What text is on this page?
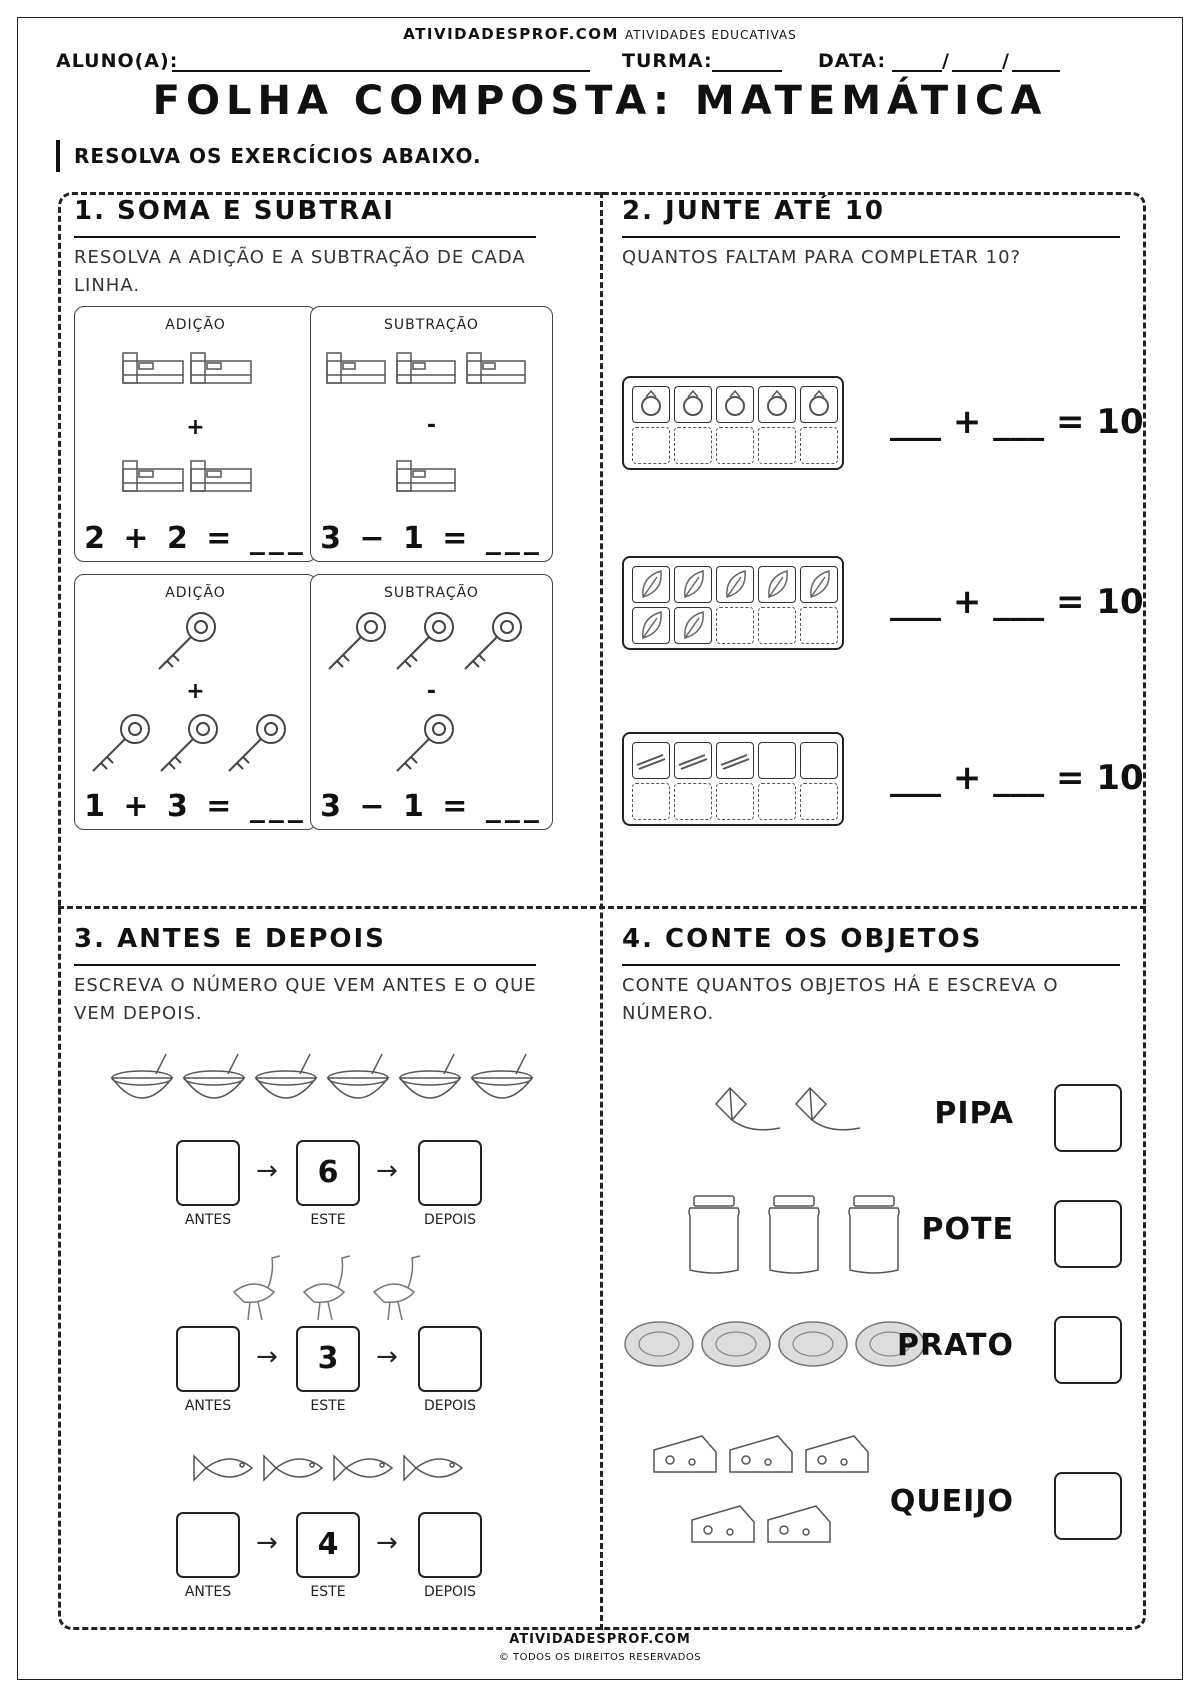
ATIVIDADESPROF.COM ATIVIDADES EDUCATIVAS
ALUNO(A):	TURMA:	DATA:	/	/
FOLHA COMPOSTA: MATEMÁTICA
RESOLVA OS EXERCÍCIOS ABAIXO.
1. SOMA E SUBTRAI
RESOLVA A ADIÇÃO E A SUBTRAÇÃO DE CADA LINHA.
ADIÇÃO
+
2 + 2 = ___
SUBTRAÇÃO
-
3 − 1 = ___
ADIÇÃO
+
1 + 3 = ___
SUBTRAÇÃO
-
3 − 1 = ___
2. JUNTE ATÉ 10
QUANTOS FALTAM PARA COMPLETAR 10?
___ + ___ = 10
___ + ___ = 10
___ + ___ = 10
3. ANTES E DEPOIS
ESCREVA O NÚMERO QUE VEM ANTES E O QUE VEM DEPOIS.
→	6	→
ANTES	ESTE	DEPOIS
→	3	→
ANTES	ESTE	DEPOIS
→	4	→
ANTES	ESTE	DEPOIS
4. CONTE OS OBJETOS
CONTE QUANTOS OBJETOS HÁ E ESCREVA O NÚMERO.
PIPA
POTE
PRATO
QUEIJO
ATIVIDADESPROF.COM
© TODOS OS DIREITOS RESERVADOS
